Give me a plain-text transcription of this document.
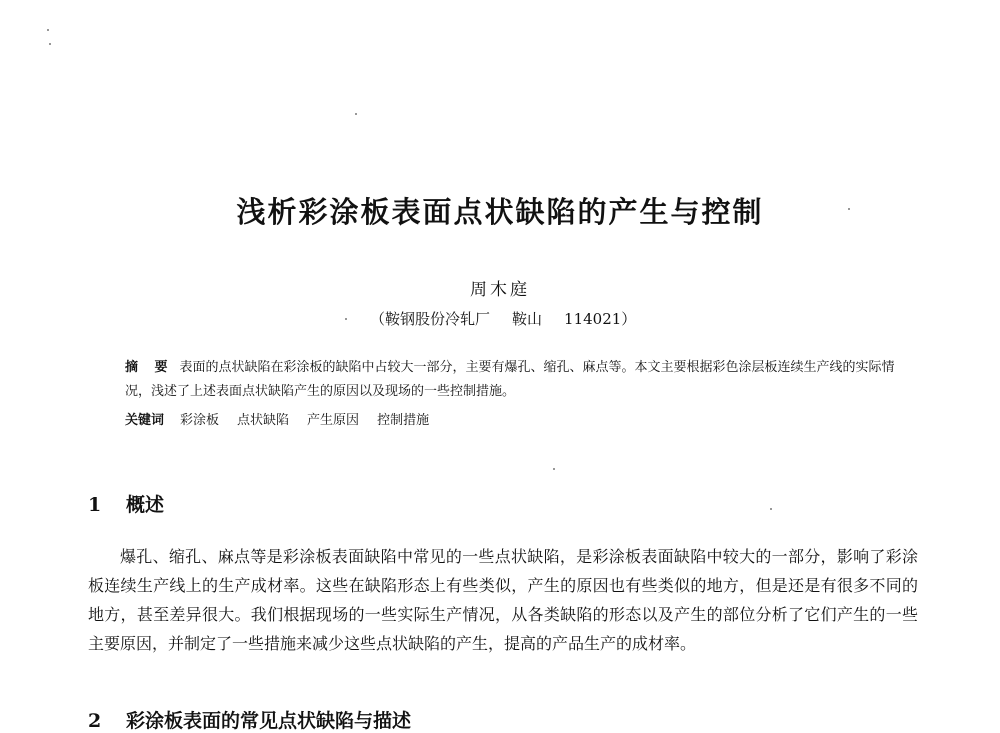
浅析彩涂板表面点状缺陷的产生与控制
周木庭
（鞍钢股份冷轧厂 鞍山 114021）
摘 要 表面的点状缺陷在彩涂板的缺陷中占较大一部分，主要有爆孔、缩孔、麻点等。本文主要根据彩色涂层板连续生产线的实际情况，浅述了上述表面点状缺陷产生的原因以及现场的一些控制措施。
关键词 彩涂板 点状缺陷 产生原因 控制措施
1 概述
爆孔、缩孔、麻点等是彩涂板表面缺陷中常见的一些点状缺陷，是彩涂板表面缺陷中较大的一部分，影响了彩涂板连续生产线上的生产成材率。这些在缺陷形态上有些类似，产生的原因也有些类似的地方，但是还是有很多不同的地方，甚至差异很大。我们根据现场的一些实际生产情况，从各类缺陷的形态以及产生的部位分析了它们产生的一些主要原因，并制定了一些措施来减少这些点状缺陷的产生，提高的产品生产的成材率。
2 彩涂板表面的常见点状缺陷与描述
